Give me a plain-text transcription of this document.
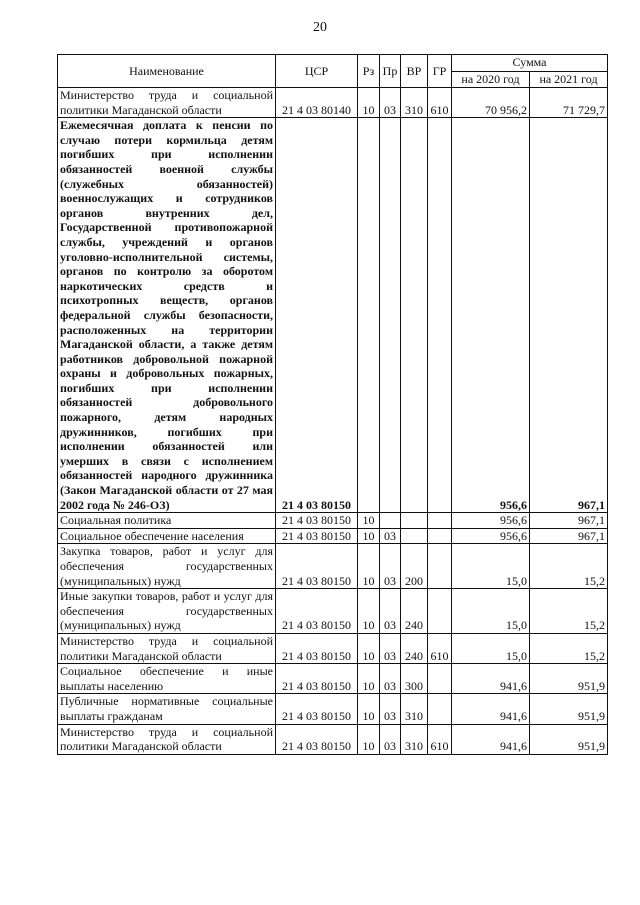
20
Наименование	ЦСР	Рз	Пр	ВР	ГР	Сумма	
						на 2020 год	на 2021 год
Министерство труда и социальной политики Магаданской области	21 4 03 80140	10	03	310	610	70 956,2	71 729,7
Ежемесячная доплата к пенсии по случаю потери кормильца детям погибших при исполнении обязанностей военной службы (служебных обязанностей) военнослужащих и сотрудников органов внутренних дел, Государственной противопожарной службы, учреждений и органов уголовно-исполнительной системы, органов по контролю за оборотом наркотических средств и психотропных веществ, органов федеральной службы безопасности, расположенных на территории Магаданской области, а также детям работников добровольной пожарной охраны и добровольных пожарных, погибших при исполнении обязанностей добровольного пожарного, детям народных дружинников, погибших при исполнении обязанностей или умерших в связи с исполнением обязанностей народного дружинника (Закон Магаданской области от 27 мая 2002 года № 246-ОЗ)	21 4 03 80150					956,6	967,1
Социальная политика	21 4 03 80150	10				956,6	967,1
Социальное обеспечение населения	21 4 03 80150	10	03			956,6	967,1
Закупка товаров, работ и услуг для обеспечения государственных (муниципальных) нужд	21 4 03 80150	10	03	200		15,0	15,2
Иные закупки товаров, работ и услуг для обеспечения государственных (муниципальных) нужд	21 4 03 80150	10	03	240		15,0	15,2
Министерство труда и социальной политики Магаданской области	21 4 03 80150	10	03	240	610	15,0	15,2
Социальное обеспечение и иные выплаты населению	21 4 03 80150	10	03	300		941,6	951,9
Публичные нормативные социальные выплаты гражданам	21 4 03 80150	10	03	310		941,6	951,9
Министерство труда и социальной политики Магаданской области	21 4 03 80150	10	03	310	610	941,6	951,9
